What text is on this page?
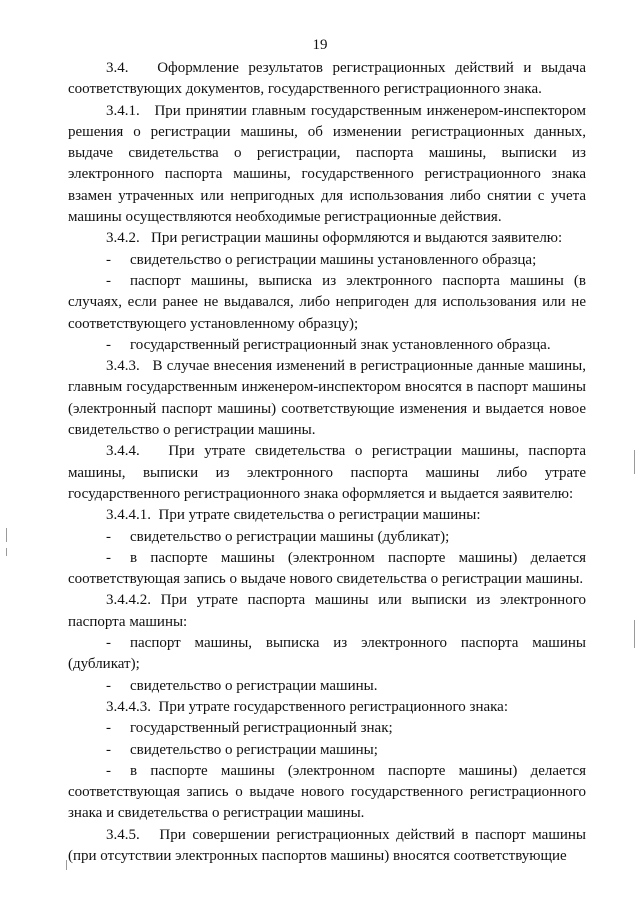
19

3.4.   Оформление результатов регистрационных действий и выдача соответствующих документов, государственного регистрационного знака.

3.4.1.   При принятии главным государственным инженером-инспектором решения о регистрации машины, об изменении регистрационных данных, выдаче свидетельства о регистрации, паспорта машины, выписки из электронного паспорта машины, государственного регистрационного знака взамен утраченных или непригодных для использования либо снятии с учета машины осуществляются необходимые регистрационные действия.

3.4.2.   При регистрации машины оформляются и выдаются заявителю:

- свидетельство о регистрации машины установленного образца;

- паспорт машины, выписка из электронного паспорта машины (в случаях, если ранее не выдавался, либо непригоден для использования или не соответствующего установленному образцу);

- государственный регистрационный знак установленного образца.

3.4.3.   В случае внесения изменений в регистрационные данные машины, главным государственным инженером-инспектором вносятся в паспорт машины (электронный паспорт машины) соответствующие изменения и выдается новое свидетельство о регистрации машины.

3.4.4.   При утрате свидетельства о регистрации машины, паспорта машины, выписки из электронного паспорта машины либо утрате государственного регистрационного знака оформляется и выдается заявителю:

3.4.4.1.  При утрате свидетельства о регистрации машины:

- свидетельство о регистрации машины (дубликат);

- в паспорте машины (электронном паспорте машины) делается соответствующая запись о выдаче нового свидетельства о регистрации машины.

3.4.4.2. При утрате паспорта машины или выписки из электронного паспорта машины:

- паспорт машины, выписка из электронного паспорта машины (дубликат);

- свидетельство о регистрации машины.

3.4.4.3.  При утрате государственного регистрационного знака:

- государственный регистрационный знак;

- свидетельство о регистрации машины;

- в паспорте машины (электронном паспорте машины) делается соответствующая запись о выдаче нового государственного регистрационного знака и свидетельства о регистрации машины.

3.4.5.   При совершении регистрационных действий в паспорт машины (при отсутствии электронных паспортов машины) вносятся соответствующие
